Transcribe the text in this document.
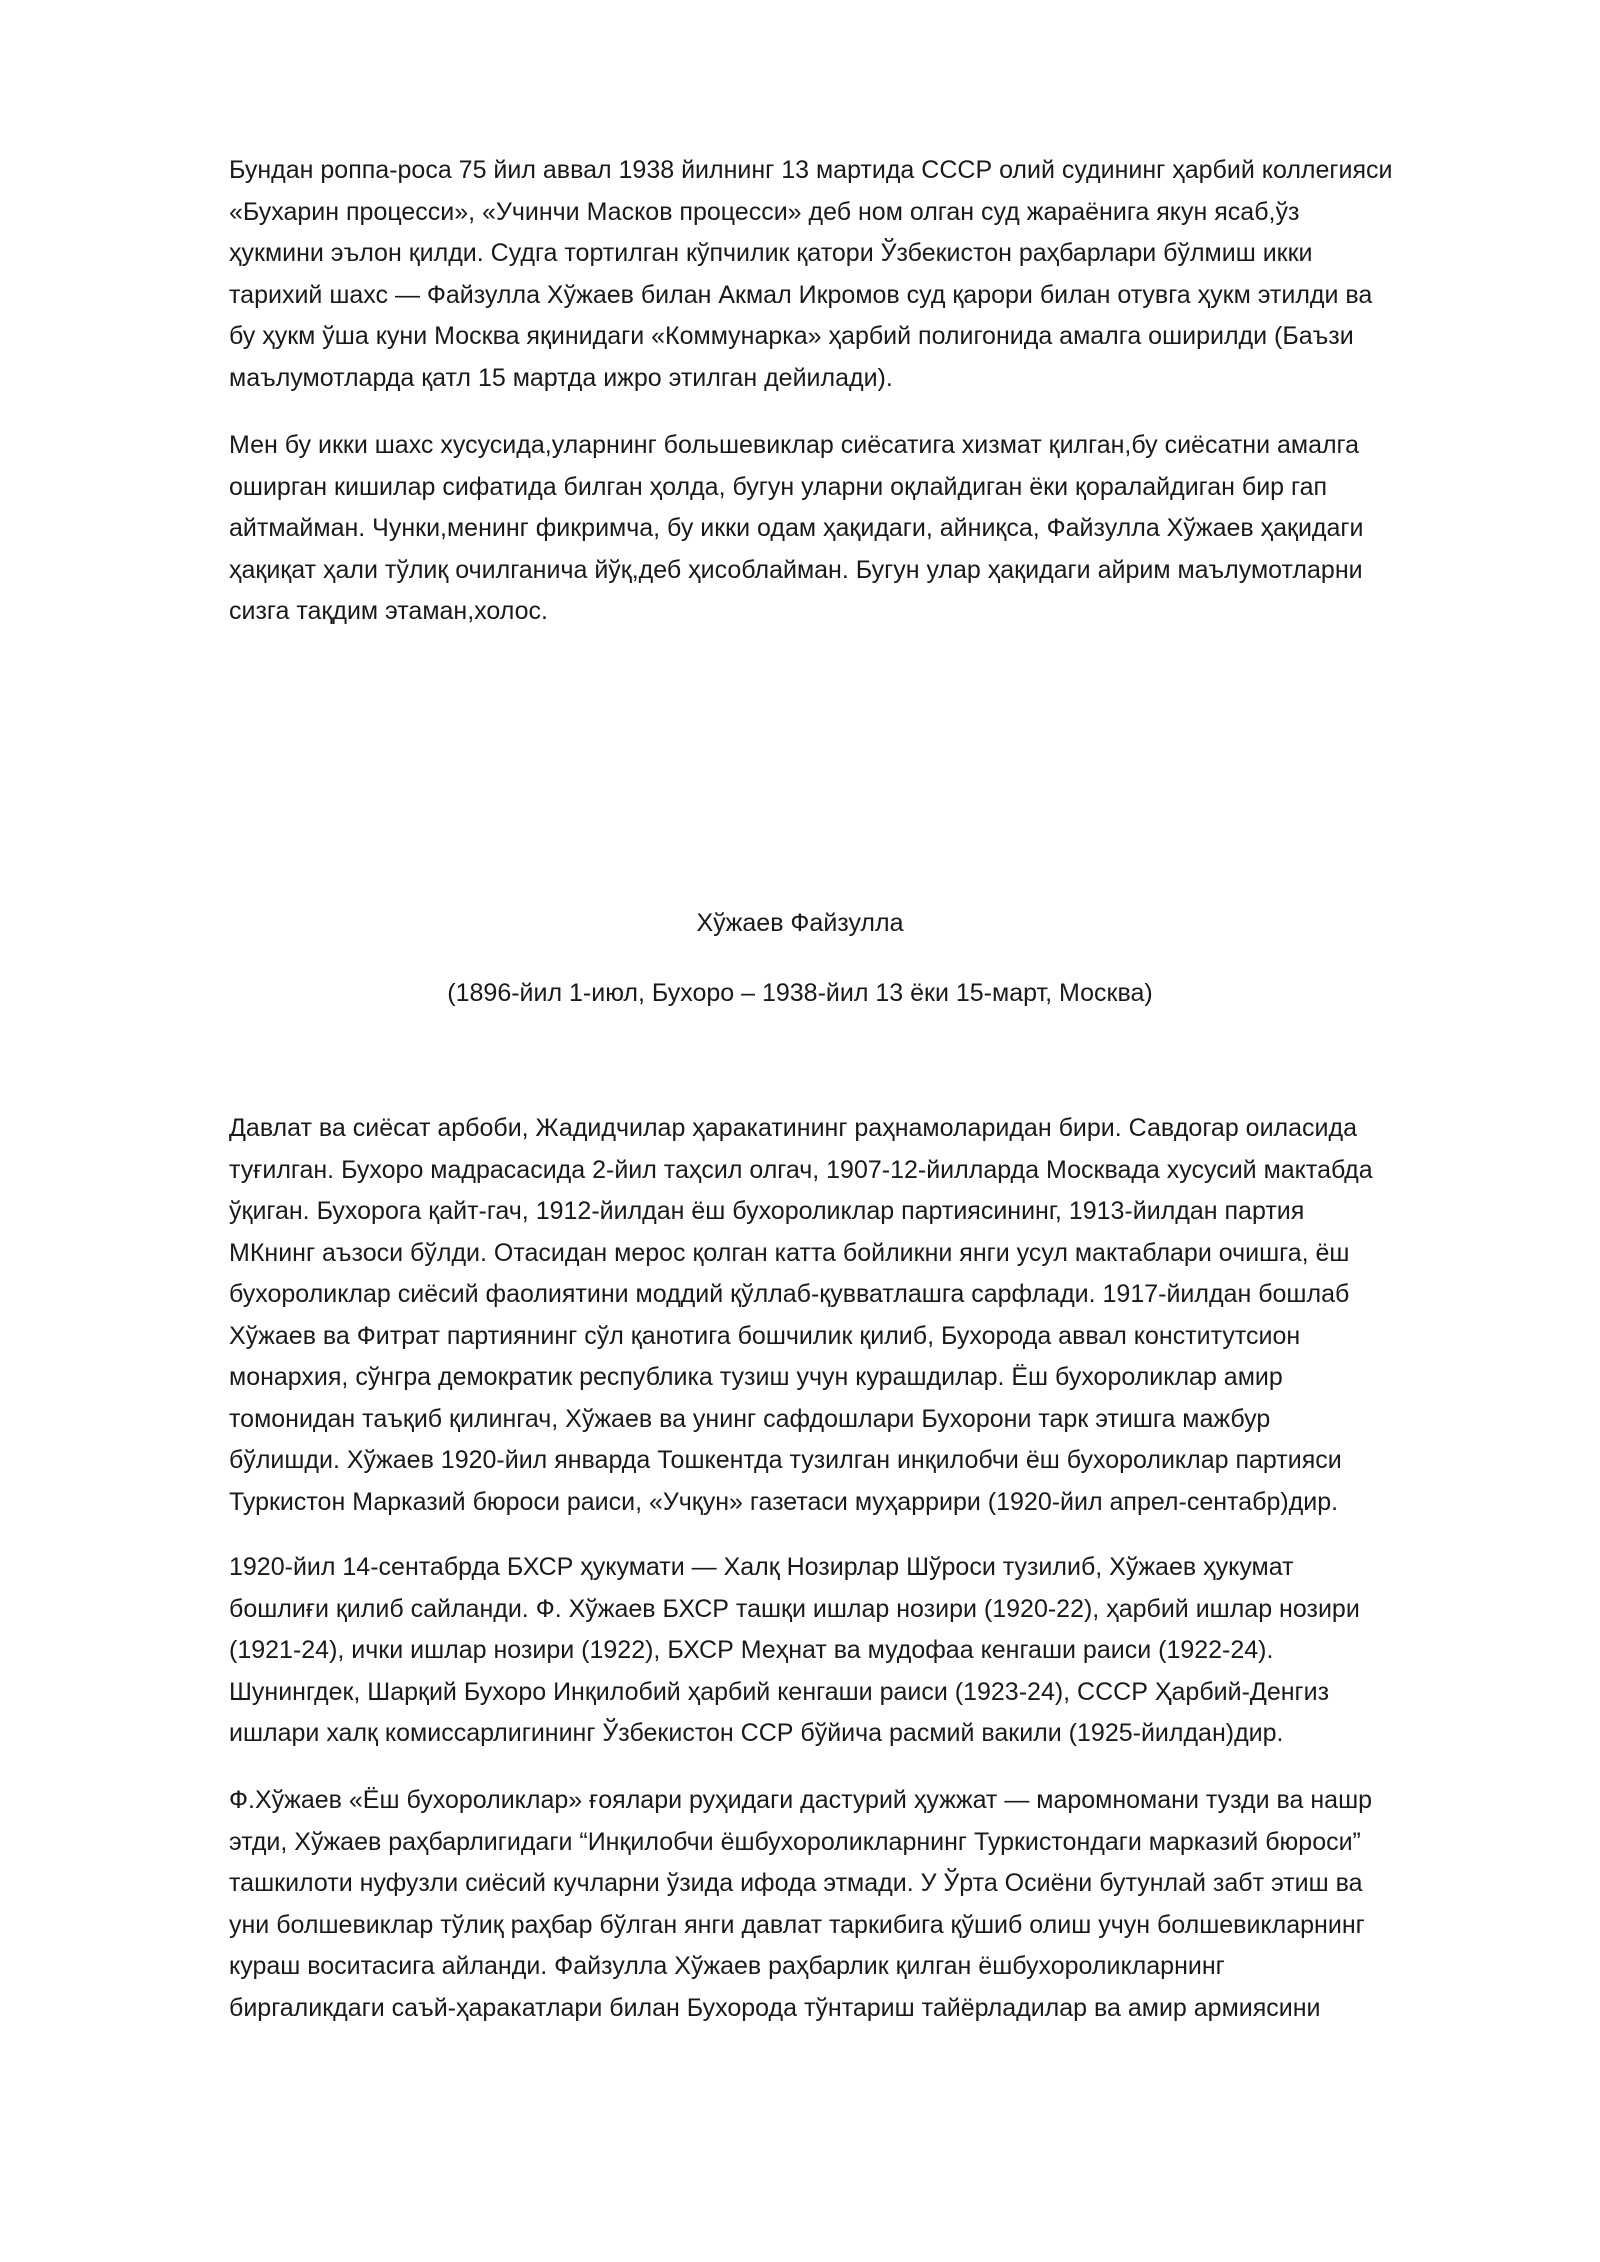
Бундан роппа-роса 75 йил аввал 1938 йилнинг 13 мартида СССР олий судининг ҳарбий коллегияси

«Бухарин процесси», «Учинчи Масков процесси» деб ном олган суд жараёнига якун ясаб,ўз

ҳукмини эълон қилди. Судга тортилган кўпчилик қатори Ўзбекистон раҳбарлари бўлмиш икки

тарихий шахс — Файзулла Хўжаев билан Акмал Икромов суд қарори билан отувга ҳукм этилди ва

бу ҳукм ўша куни Москва яқинидаги «Коммунарка» ҳарбий полигонида амалга оширилди (Баъзи

маълумотларда қатл 15 мартда ижро этилган дейилади).

Мен бу икки шахс хусусида,уларнинг большевиклар сиёсатига хизмат қилган,бу сиёсатни амалга

оширган кишилар сифатида билган ҳолда, бугун уларни оқлайдиган ёки қоралайдиган бир гап

айтмайман. Чунки,менинг фикримча, бу икки одам ҳақидаги, айниқса, Файзулла Хўжаев ҳақидаги

ҳақиқат ҳали тўлиқ очилганича йўқ,деб ҳисоблайман. Бугун улар ҳақидаги айрим маълумотларни

сизга тақдим этаман,холос.

Хўжаев Файзулла
(1896-йил 1-июл, Бухоро – 1938-йил 13 ёки 15-март, Москва)

Давлат ва сиёсат арбоби, Жадидчилар ҳаракатининг раҳнамоларидан бири. Савдогар оиласида

туғилган. Бухоро мадрасасида 2-йил таҳсил олгач, 1907-12-йилларда Москвада хусусий мактабда

ўқиган. Бухорога қайт-гач, 1912-йилдан ёш бухороликлар партиясининг, 1913-йилдан партия

МКнинг аъзоси бўлди. Отасидан мерос қолган катта бойликни янги усул мактаблари очишга, ёш

бухороликлар сиёсий фаолиятини моддий қўллаб-қувватлашга сарфлади. 1917-йилдан бошлаб

Хўжаев ва Фитрат партиянинг сўл қанотига бошчилик қилиб, Бухорода аввал конститутсион

монархия, сўнгра демократик республика тузиш учун курашдилар. Ёш бухороликлар амир

томонидан таъқиб қилингач, Хўжаев ва унинг сафдошлари Бухорони тарк этишга мажбур

бўлишди. Хўжаев 1920-йил январда Тошкентда тузилган инқилобчи ёш бухороликлар партияси

Туркистон Марказий бюроси раиси, «Учқун» газетаси муҳаррири (1920-йил апрел-сентабр)дир.

1920-йил 14-сентабрда БХСР ҳукумати — Халқ Нозирлар Шўроси тузилиб, Хўжаев ҳукумат

бошлиғи қилиб сайланди. Ф. Хўжаев БХСР ташқи ишлар нозири (1920-22), ҳарбий ишлар нозири

(1921-24), ички ишлар нозири (1922), БХСР Меҳнат ва мудофаа кенгаши раиси (1922-24).

Шунингдек, Шарқий Бухоро Инқилобий ҳарбий кенгаши раиси (1923-24), СССР Ҳарбий-Денгиз

ишлари халқ комиссарлигининг Ўзбекистон ССР бўйича расмий вакили (1925-йилдан)дир.

Ф.Хўжаев «Ёш бухороликлар» ғоялари руҳидаги дастурий ҳужжат — маромномани тузди ва нашр

этди, Хўжаев раҳбарлигидаги “Инқилобчи ёшбухороликларнинг Туркистондаги марказий бюроси”

ташкилоти нуфузли сиёсий кучларни ўзида ифода этмади. У Ўрта Осиёни бутунлай забт этиш ва

уни болшевиклар тўлиқ раҳбар бўлган янги давлат таркибига қўшиб олиш учун болшевикларнинг

кураш воситасига айланди. Файзулла Хўжаев раҳбарлик қилган ёшбухороликларнинг

биргаликдаги саъй-ҳаракатлари билан Бухорода тўнтариш тайёрладилар ва амир армиясини
